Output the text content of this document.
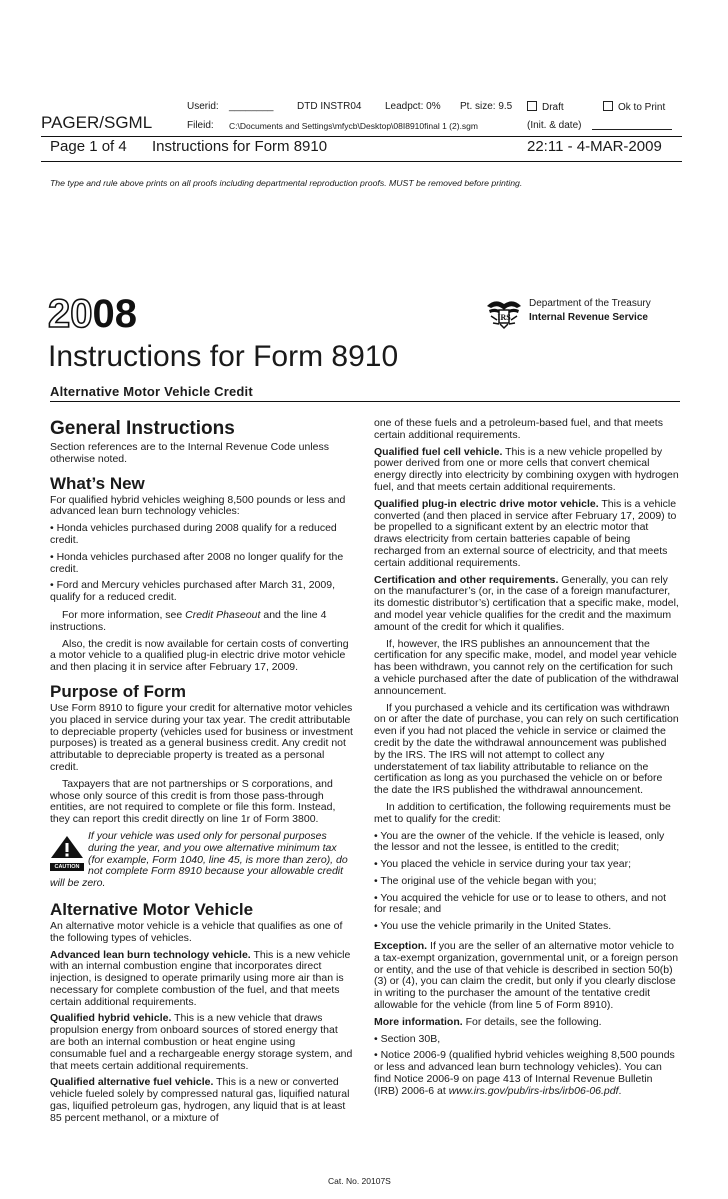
Userid: ________ DTD INSTR04 Leadpct: 0% Pt. size: 9.5	Draft	Ok to Print
PAGER/SGML	Fileid: C:\Documents and Settings\mfycb\Desktop\08I8910final 1 (2).sgm	(Init. & date)
Page 1 of 4 Instructions for Form 8910	22:11 - 4-MAR-2009
The type and rule above prints on all proofs including departmental reproduction proofs. MUST be removed before printing.
2008	IRS
Department of the Treasury
Internal Revenue Service
Instructions for Form 8910
Alternative Motor Vehicle Credit
General Instructions

Section references are to the Internal Revenue Code unless otherwise noted.

What’s New

For qualified hybrid vehicles weighing 8,500 pounds or less and advanced lean burn technology vehicles:

• Honda vehicles purchased during 2008 qualify for a reduced credit.

• Honda vehicles purchased after 2008 no longer qualify for the credit.

• Ford and Mercury vehicles purchased after March 31, 2009, qualify for a reduced credit.

For more information, see Credit Phaseout and the line 4 instructions.

Also, the credit is now available for certain costs of converting a motor vehicle to a qualified plug-in electric drive motor vehicle and then placing it in service after February 17, 2009.

Purpose of Form

Use Form 8910 to figure your credit for alternative motor vehicles you placed in service during your tax year. The credit attributable to depreciable property (vehicles used for business or investment purposes) is treated as a general business credit. Any credit not attributable to depreciable property is treated as a personal credit.

Taxpayers that are not partnerships or S corporations, and whose only source of this credit is from those pass-through entities, are not required to complete or file this form. Instead, they can report this credit directly on line 1r of Form 3800.

CAUTION

If your vehicle was used only for personal purposes during the year, and you owe alternative minimum tax (for example, Form 1040, line 45, is more than zero), do not complete Form 8910 because your allowable credit will be zero.

Alternative Motor Vehicle

An alternative motor vehicle is a vehicle that qualifies as one of the following types of vehicles.

Advanced lean burn technology vehicle. This is a new vehicle with an internal combustion engine that incorporates direct injection, is designed to operate primarily using more air than is necessary for complete combustion of the fuel, and that meets certain additional requirements.

Qualified hybrid vehicle. This is a new vehicle that draws propulsion energy from onboard sources of stored energy that are both an internal combustion or heat engine using consumable fuel and a rechargeable energy storage system, and that meets certain additional requirements.

Qualified alternative fuel vehicle. This is a new or converted vehicle fueled solely by compressed natural gas, liquified natural gas, liquified petroleum gas, hydrogen, any liquid that is at least 85 percent methanol, or a mixture of

one of these fuels and a petroleum-based fuel, and that meets certain additional requirements.

Qualified fuel cell vehicle. This is a new vehicle propelled by power derived from one or more cells that convert chemical energy directly into electricity by combining oxygen with hydrogen fuel, and that meets certain additional requirements.

Qualified plug-in electric drive motor vehicle. This is a vehicle converted (and then placed in service after February 17, 2009) to be propelled to a significant extent by an electric motor that draws electricity from certain batteries capable of being recharged from an external source of electricity, and that meets certain additional requirements.

Certification and other requirements. Generally, you can rely on the manufacturer’s (or, in the case of a foreign manufacturer, its domestic distributor’s) certification that a specific make, model, and model year vehicle qualifies for the credit and the maximum amount of the credit for which it qualifies.

If, however, the IRS publishes an announcement that the certification for any specific make, model, and model year vehicle has been withdrawn, you cannot rely on the certification for such a vehicle purchased after the date of publication of the withdrawal announcement.

If you purchased a vehicle and its certification was withdrawn on or after the date of purchase, you can rely on such certification even if you had not placed the vehicle in service or claimed the credit by the date the withdrawal announcement was published by the IRS. The IRS will not attempt to collect any understatement of tax liability attributable to reliance on the certification as long as you purchased the vehicle on or before the date the IRS published the withdrawal announcement.

In addition to certification, the following requirements must be met to qualify for the credit:

• You are the owner of the vehicle. If the vehicle is leased, only the lessor and not the lessee, is entitled to the credit;

• You placed the vehicle in service during your tax year;

• The original use of the vehicle began with you;

• You acquired the vehicle for use or to lease to others, and not for resale; and

• You use the vehicle primarily in the United States.

Exception. If you are the seller of an alternative motor vehicle to a tax-exempt organization, governmental unit, or a foreign person or entity, and the use of that vehicle is described in section 50(b)(3) or (4), you can claim the credit, but only if you clearly disclose in writing to the purchaser the amount of the tentative credit allowable for the vehicle (from line 5 of Form 8910).

More information. For details, see the following.

• Section 30B,

• Notice 2006-9 (qualified hybrid vehicles weighing 8,500 pounds or less and advanced lean burn technology vehicles). You can find Notice 2006-9 on page 413 of Internal Revenue Bulletin (IRB) 2006-6 at www.irs.gov/pub/irs-irbs/irb06-06.pdf.

Cat. No. 20107S
